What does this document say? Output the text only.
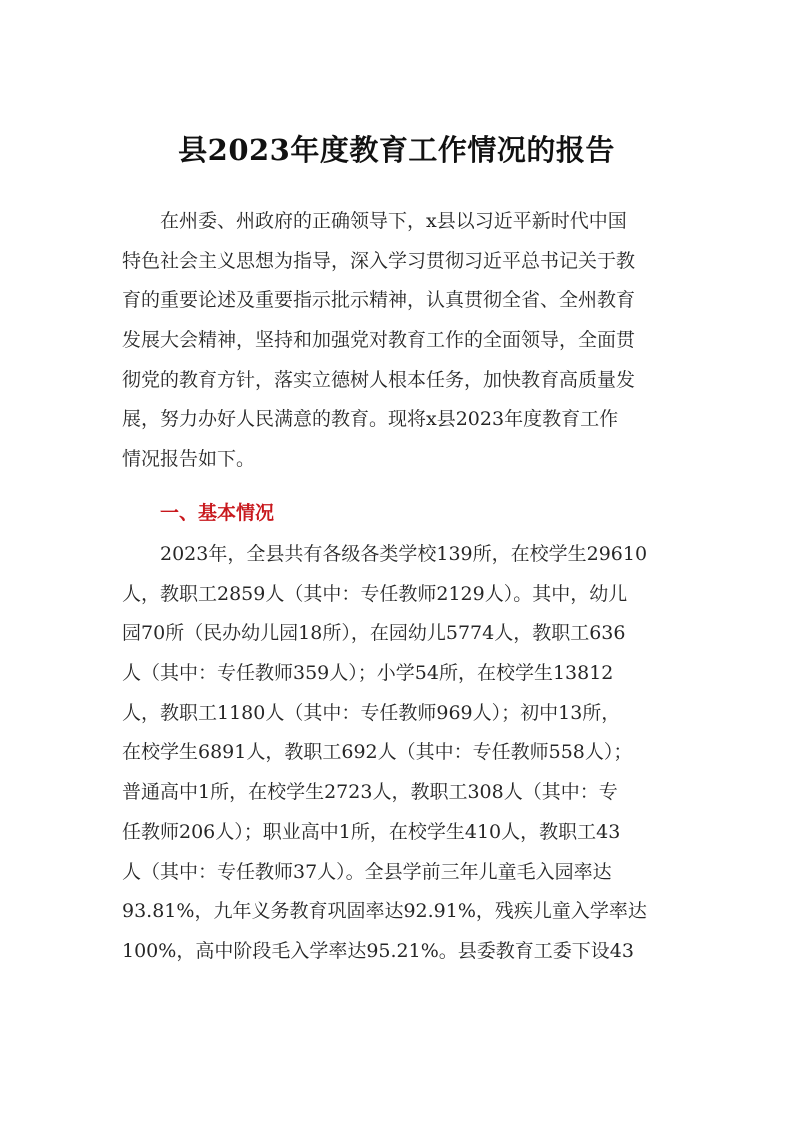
县2023年度教育工作情况的报告
在州委、州政府的正确领导下，x县以习近平新时代中国
特色社会主义思想为指导，深入学习贯彻习近平总书记关于教
育的重要论述及重要指示批示精神，认真贯彻全省、全州教育
发展大会精神，坚持和加强党对教育工作的全面领导，全面贯
彻党的教育方针，落实立德树人根本任务，加快教育高质量发
展，努力办好人民满意的教育。现将x县2023年度教育工作
情况报告如下。
一、基本情况
2023年，全县共有各级各类学校139所，在校学生29610
人，教职工2859人（其中：专任教师2129人）。其中，幼儿
园70所（民办幼儿园18所），在园幼儿5774人，教职工636
人（其中：专任教师359人）；小学54所，在校学生13812
人，教职工1180人（其中：专任教师969人）；初中13所，
在校学生6891人，教职工692人（其中：专任教师558人）；
普通高中1所，在校学生2723人，教职工308人（其中：专
任教师206人）；职业高中1所，在校学生410人，教职工43
人（其中：专任教师37人）。全县学前三年儿童毛入园率达
93.81%，九年义务教育巩固率达92.91%，残疾儿童入学率达
100%，高中阶段毛入学率达95.21%。县委教育工委下设43
